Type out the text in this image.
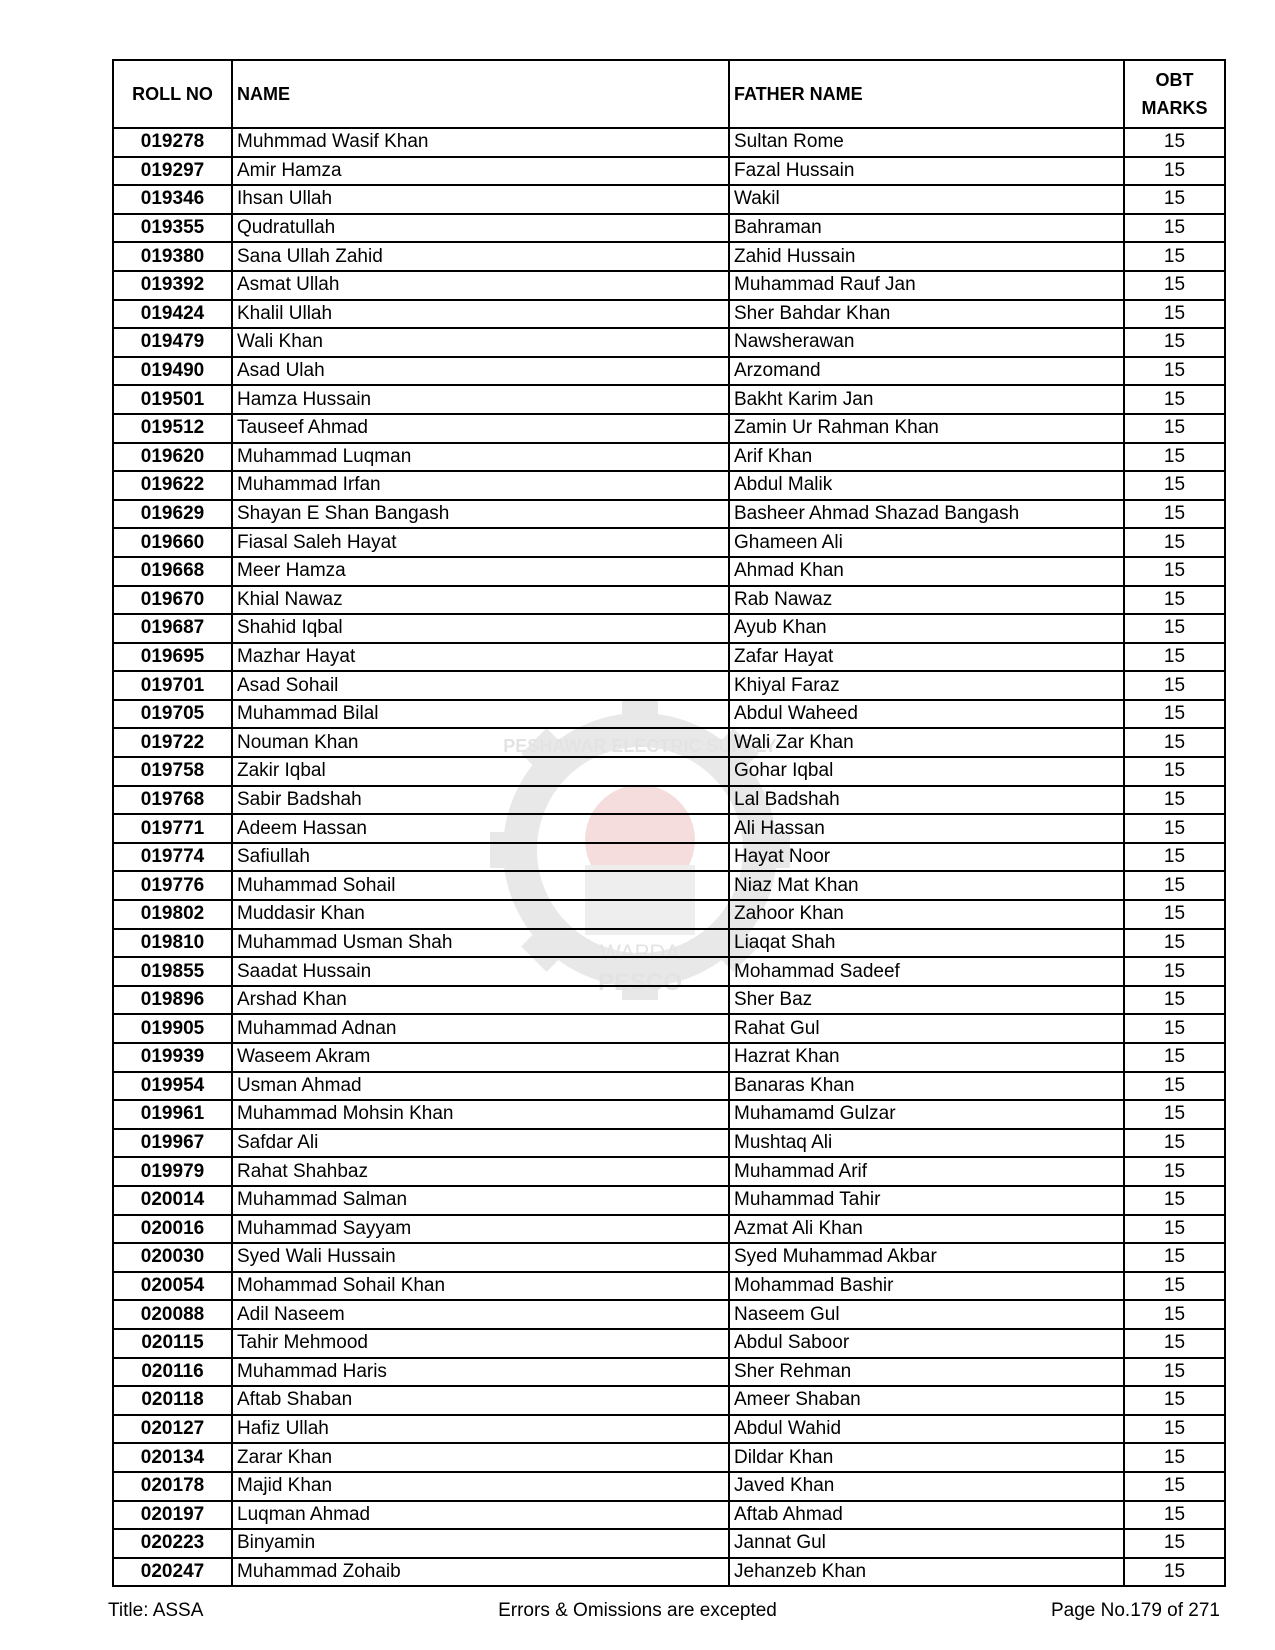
WAPDA
PESCO
PESHAWAR ELECTRIC SUPPLY
ROLL NO	NAME	FATHER NAME	OBT
MARKS
019278	Muhmmad Wasif Khan	Sultan Rome	15
019297	Amir Hamza	Fazal Hussain	15
019346	Ihsan Ullah	Wakil	15
019355	Qudratullah	Bahraman	15
019380	Sana Ullah Zahid	Zahid Hussain	15
019392	Asmat Ullah	Muhammad Rauf Jan	15
019424	Khalil Ullah	Sher Bahdar Khan	15
019479	Wali Khan	Nawsherawan	15
019490	Asad Ulah	Arzomand	15
019501	Hamza Hussain	Bakht Karim Jan	15
019512	Tauseef Ahmad	Zamin Ur Rahman Khan	15
019620	Muhammad Luqman	Arif Khan	15
019622	Muhammad Irfan	Abdul Malik	15
019629	Shayan E Shan Bangash	Basheer Ahmad Shazad Bangash	15
019660	Fiasal Saleh Hayat	Ghameen Ali	15
019668	Meer Hamza	Ahmad Khan	15
019670	Khial Nawaz	Rab Nawaz	15
019687	Shahid Iqbal	Ayub Khan	15
019695	Mazhar Hayat	Zafar Hayat	15
019701	Asad Sohail	Khiyal Faraz	15
019705	Muhammad Bilal	Abdul Waheed	15
019722	Nouman Khan	Wali Zar Khan	15
019758	Zakir Iqbal	Gohar Iqbal	15
019768	Sabir Badshah	Lal Badshah	15
019771	Adeem Hassan	Ali Hassan	15
019774	Safiullah	Hayat Noor	15
019776	Muhammad Sohail	Niaz Mat Khan	15
019802	Muddasir Khan	Zahoor Khan	15
019810	Muhammad Usman Shah	Liaqat Shah	15
019855	Saadat Hussain	Mohammad Sadeef	15
019896	Arshad Khan	Sher Baz	15
019905	Muhammad Adnan	Rahat Gul	15
019939	Waseem Akram	Hazrat Khan	15
019954	Usman Ahmad	Banaras Khan	15
019961	Muhammad Mohsin Khan	Muhamamd Gulzar	15
019967	Safdar Ali	Mushtaq Ali	15
019979	Rahat Shahbaz	Muhammad Arif	15
020014	Muhammad Salman	Muhammad Tahir	15
020016	Muhammad Sayyam	Azmat Ali Khan	15
020030	Syed Wali Hussain	Syed Muhammad Akbar	15
020054	Mohammad Sohail Khan	Mohammad Bashir	15
020088	Adil Naseem	Naseem Gul	15
020115	Tahir Mehmood	Abdul Saboor	15
020116	Muhammad Haris	Sher Rehman	15
020118	Aftab Shaban	Ameer Shaban	15
020127	Hafiz Ullah	Abdul Wahid	15
020134	Zarar Khan	Dildar Khan	15
020178	Majid Khan	Javed Khan	15
020197	Luqman Ahmad	Aftab Ahmad	15
020223	Binyamin	Jannat Gul	15
020247	Muhammad Zohaib	Jehanzeb Khan	15
Title: ASSA	Errors & Omissions are excepted	Page No.179 of 271
